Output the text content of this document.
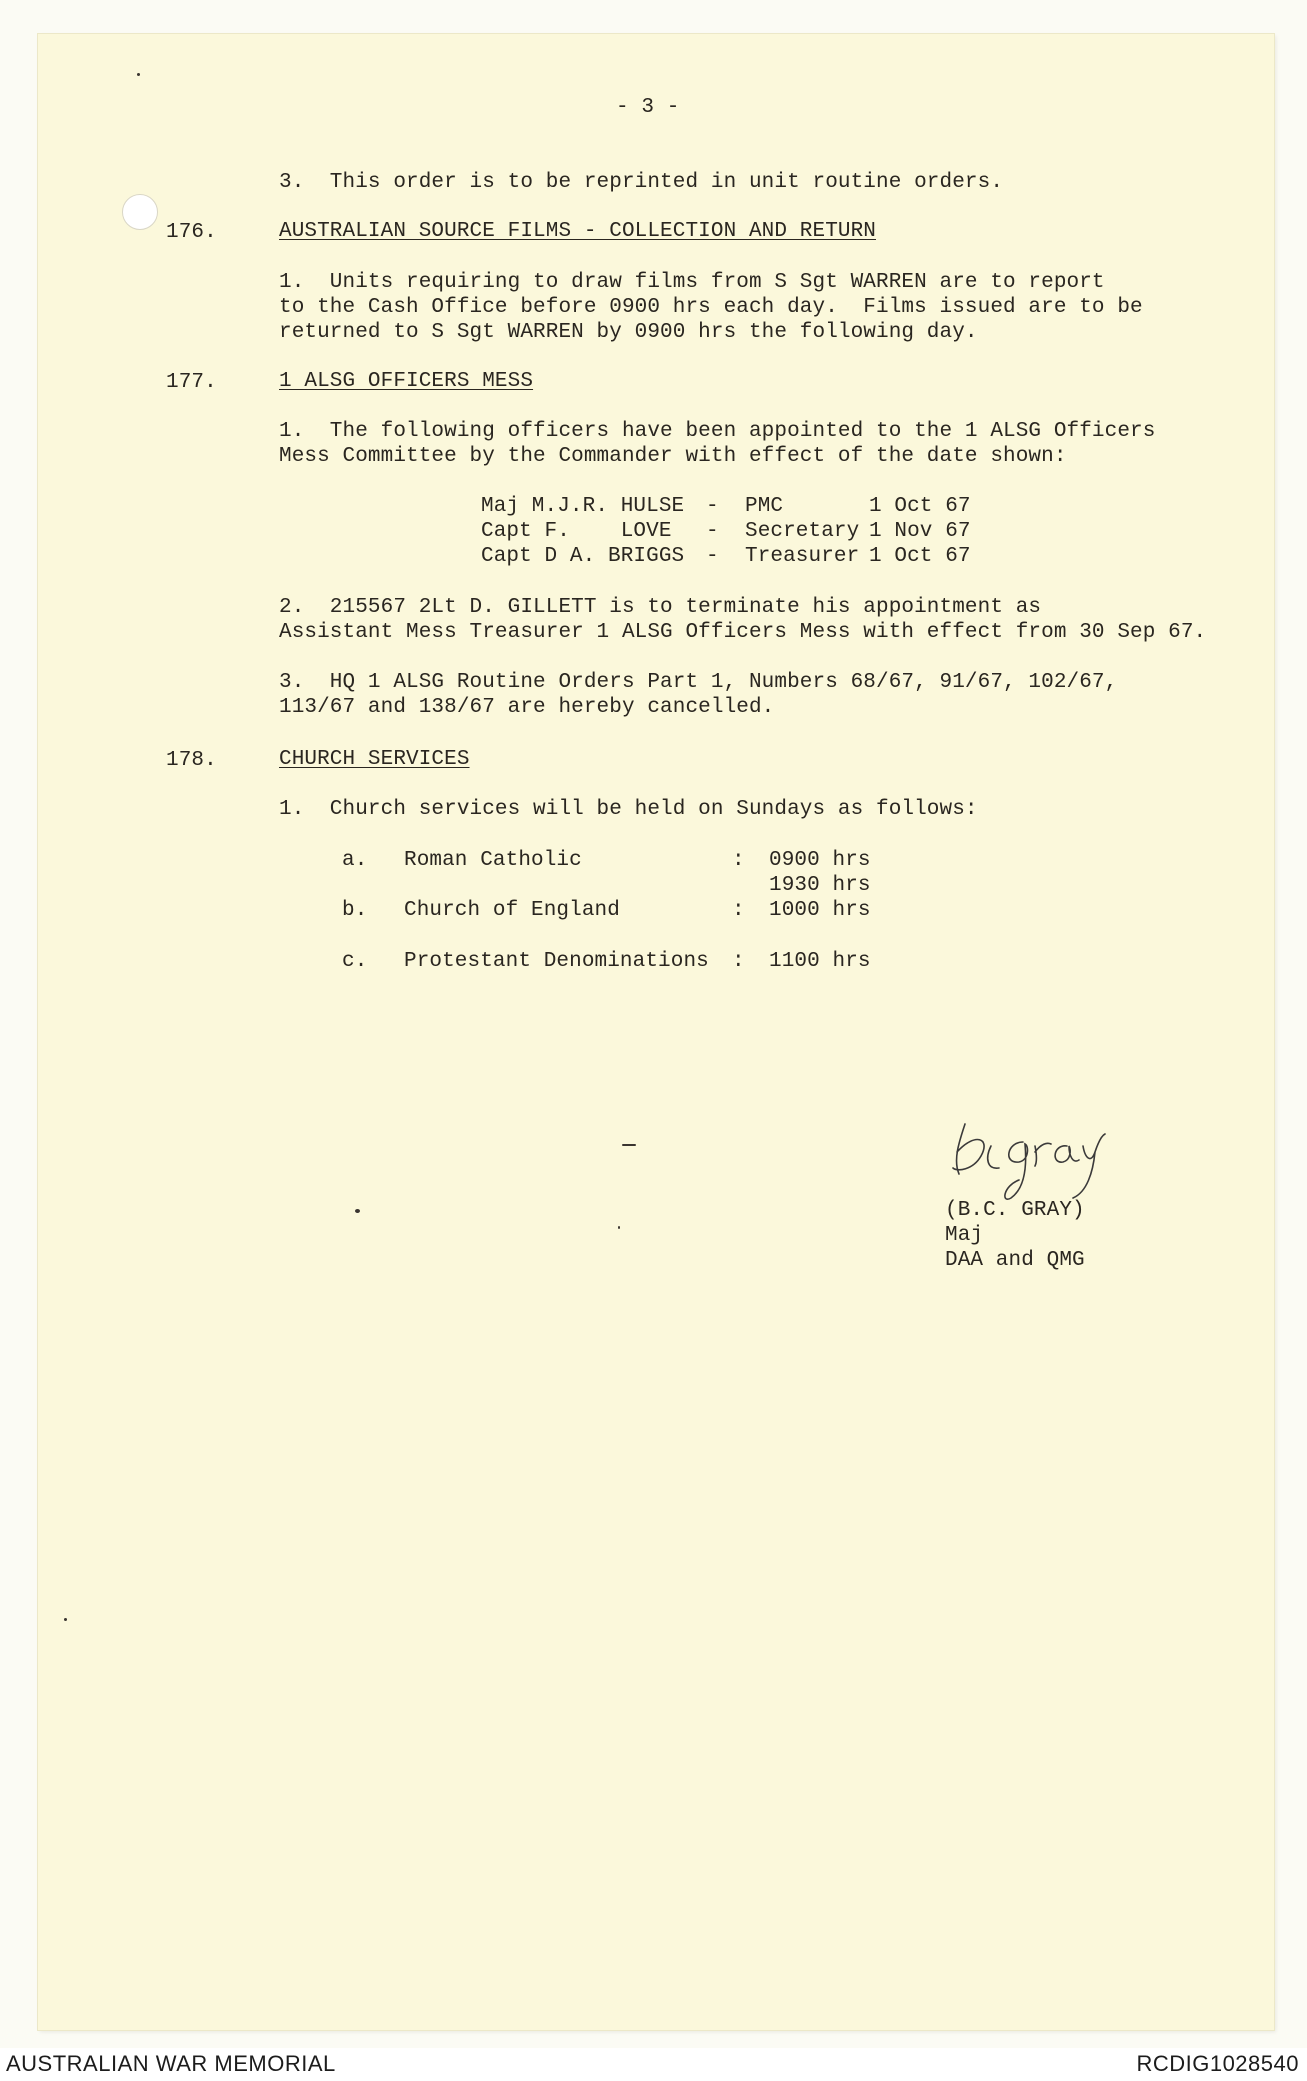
- 3 -
3.  This order is to be reprinted in unit routine orders.
176.	AUSTRALIAN SOURCE FILMS - COLLECTION AND RETURN
1.  Units requiring to draw films from S Sgt WARREN are to report
to the Cash Office before 0900 hrs each day.  Films issued are to be
returned to S Sgt WARREN by 0900 hrs the following day.
177.	1 ALSG OFFICERS MESS
1.  The following officers have been appointed to the 1 ALSG Officers
Mess Committee by the Commander with effect of the date shown:
Maj M.J.R. HULSE - PMC	1 Oct 67
Capt F.    LOVE - Secretary 1 Nov 67
Capt D A. BRIGGS - Treasurer 1 Oct 67
2.  215567 2Lt D. GILLETT is to terminate his appointment as
Assistant Mess Treasurer 1 ALSG Officers Mess with effect from 30 Sep 67.
3.  HQ 1 ALSG Routine Orders Part 1, Numbers 68/67, 91/67, 102/67,
113/67 and 138/67 are hereby cancelled.
178.	CHURCH SERVICES
1.  Church services will be held on Sundays as follows:
a. Roman Catholic	: 0900 hrs
1930 hrs
b. Church of England	: 1000 hrs
c. Protestant Denominations : 1100 hrs
(B.C. GRAY)
Maj
DAA and QMG
AUSTRALIAN WAR MEMORIAL	RCDIG1028540
